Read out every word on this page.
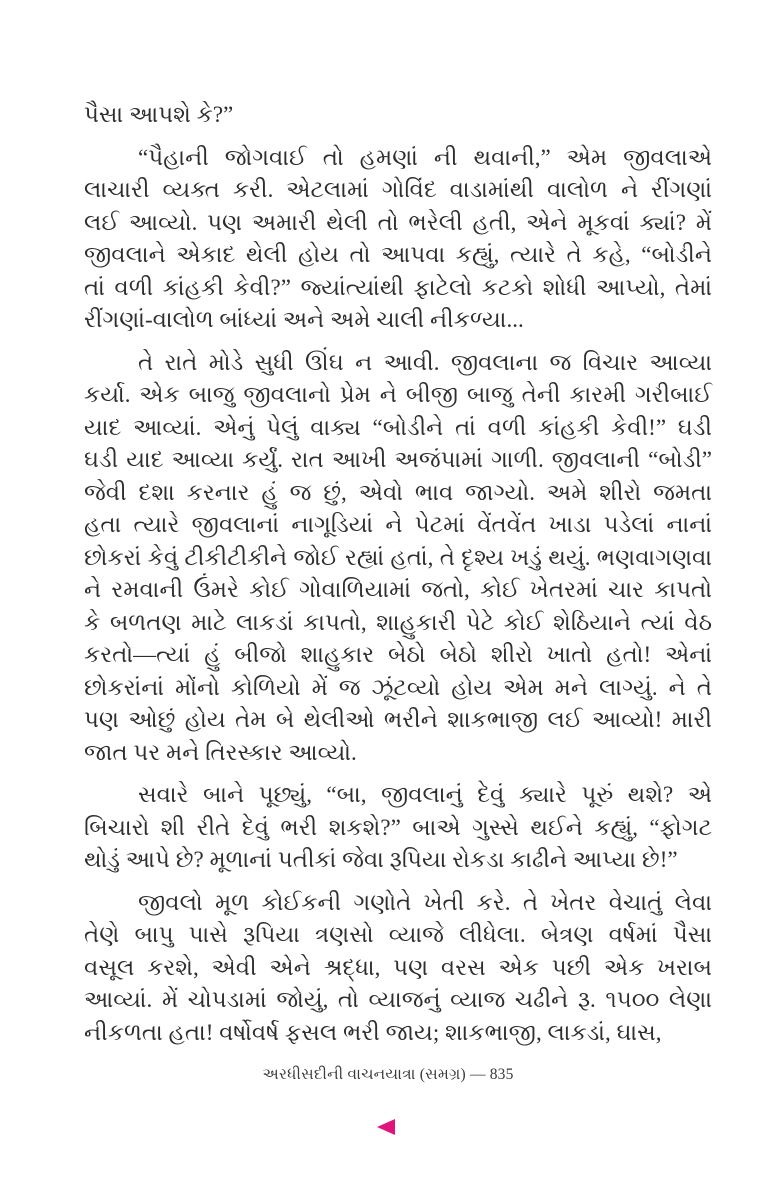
પૈસા આપશે કે?”
“પૈહાની જોગવાઈ તો હમણાં ની થવાની,” એમ જીવલાએ
લાચારી વ્યક્ત કરી. એટલામાં ગોવિંદ વાડામાંથી વાલોળ ને રીંગણાં
લઈ આવ્યો. પણ અમારી થેલી તો ભરેલી હતી, એને મૂકવાં ક્યાં? મેં
જીવલાને એકાદ થેલી હોય તો આપવા કહ્યું, ત્યારે તે કહે, “બોડીને
તાં વળી કાંહકી કેવી?” જ્યાંત્યાંથી ફાટેલો કટકો શોધી આપ્યો, તેમાં
રીંગણાં-વાલોળ બાંધ્યાં અને અમે ચાલી નીકળ્યા...
તે રાતે મોડે સુધી ઊંઘ ન આવી. જીવલાના જ વિચાર આવ્યા
કર્યા. એક બાજુ જીવલાનો પ્રેમ ને બીજી બાજુ તેની કારમી ગરીબાઈ
યાદ આવ્યાં. એનું પેલું વાક્ય “બોડીને તાં વળી કાંહકી કેવી!” ઘડી
ઘડી યાદ આવ્યા કર્યું. રાત આખી અજંપામાં ગાળી. જીવલાની “બોડી”
જેવી દશા કરનાર હું જ છું, એવો ભાવ જાગ્યો. અમે શીરો જમતા
હતા ત્યારે જીવલાનાં નાગૂડિયાં ને પેટમાં વેંતવેંત ખાડા પડેલાં નાનાં
છોકરાં કેવું ટીકીટીકીને જોઈ રહ્યાં હતાં, તે દૃશ્ય ખડું થયું. ભણવાગણવા
ને રમવાની ઉંમરે કોઈ ગોવાળિયામાં જતો, કોઈ ખેતરમાં ચાર કાપતો
કે બળતણ માટે લાકડાં કાપતો, શાહુકારી પેટે કોઈ શેઠિયાને ત્યાં વેઠ
કરતો—ત્યાં હું બીજો શાહુકાર બેઠો બેઠો શીરો ખાતો હતો! એનાં
છોકરાંનાં મોંનો કોળિયો મેં જ ઝૂંટવ્યો હોય એમ મને લાગ્યું. ને તે
પણ ઓછું હોય તેમ બે થેલીઓ ભરીને શાકભાજી લઈ આવ્યો! મારી
જાત પર મને તિરસ્કાર આવ્યો.
સવારે બાને પૂછ્યું, “બા, જીવલાનું દેવું ક્યારે પૂરું થશે? એ
બિચારો શી રીતે દેવું ભરી શકશે?” બાએ ગુસ્સે થઈને કહ્યું, “ફોગટ
થોડું આપે છે? મૂળાનાં પતીકાં જેવા રૂપિયા રોકડા કાઢીને આપ્યા છે!”
જીવલો મૂળ કોઈકની ગણોતે ખેતી કરે. તે ખેતર વેચાતું લેવા
તેણે બાપુ પાસે રૂપિયા ત્રણસો વ્યાજે લીધેલા. બેત્રણ વર્ષમાં પૈસા
વસૂલ કરશે, એવી એને શ્રદ્ધા, પણ વરસ એક પછી એક ખરાબ
આવ્યાં. મેં ચોપડામાં જોયું, તો વ્યાજનું વ્યાજ ચઢીને રૂ. ૧૫૦૦ લેણા
નીકળતા હતા! વર્ષોવર્ષ ફસલ ભરી જાય; શાકભાજી, લાકડાં, ઘાસ,
અરધીસદીની વાચનયાત્રા (સમગ્ર) — 835
